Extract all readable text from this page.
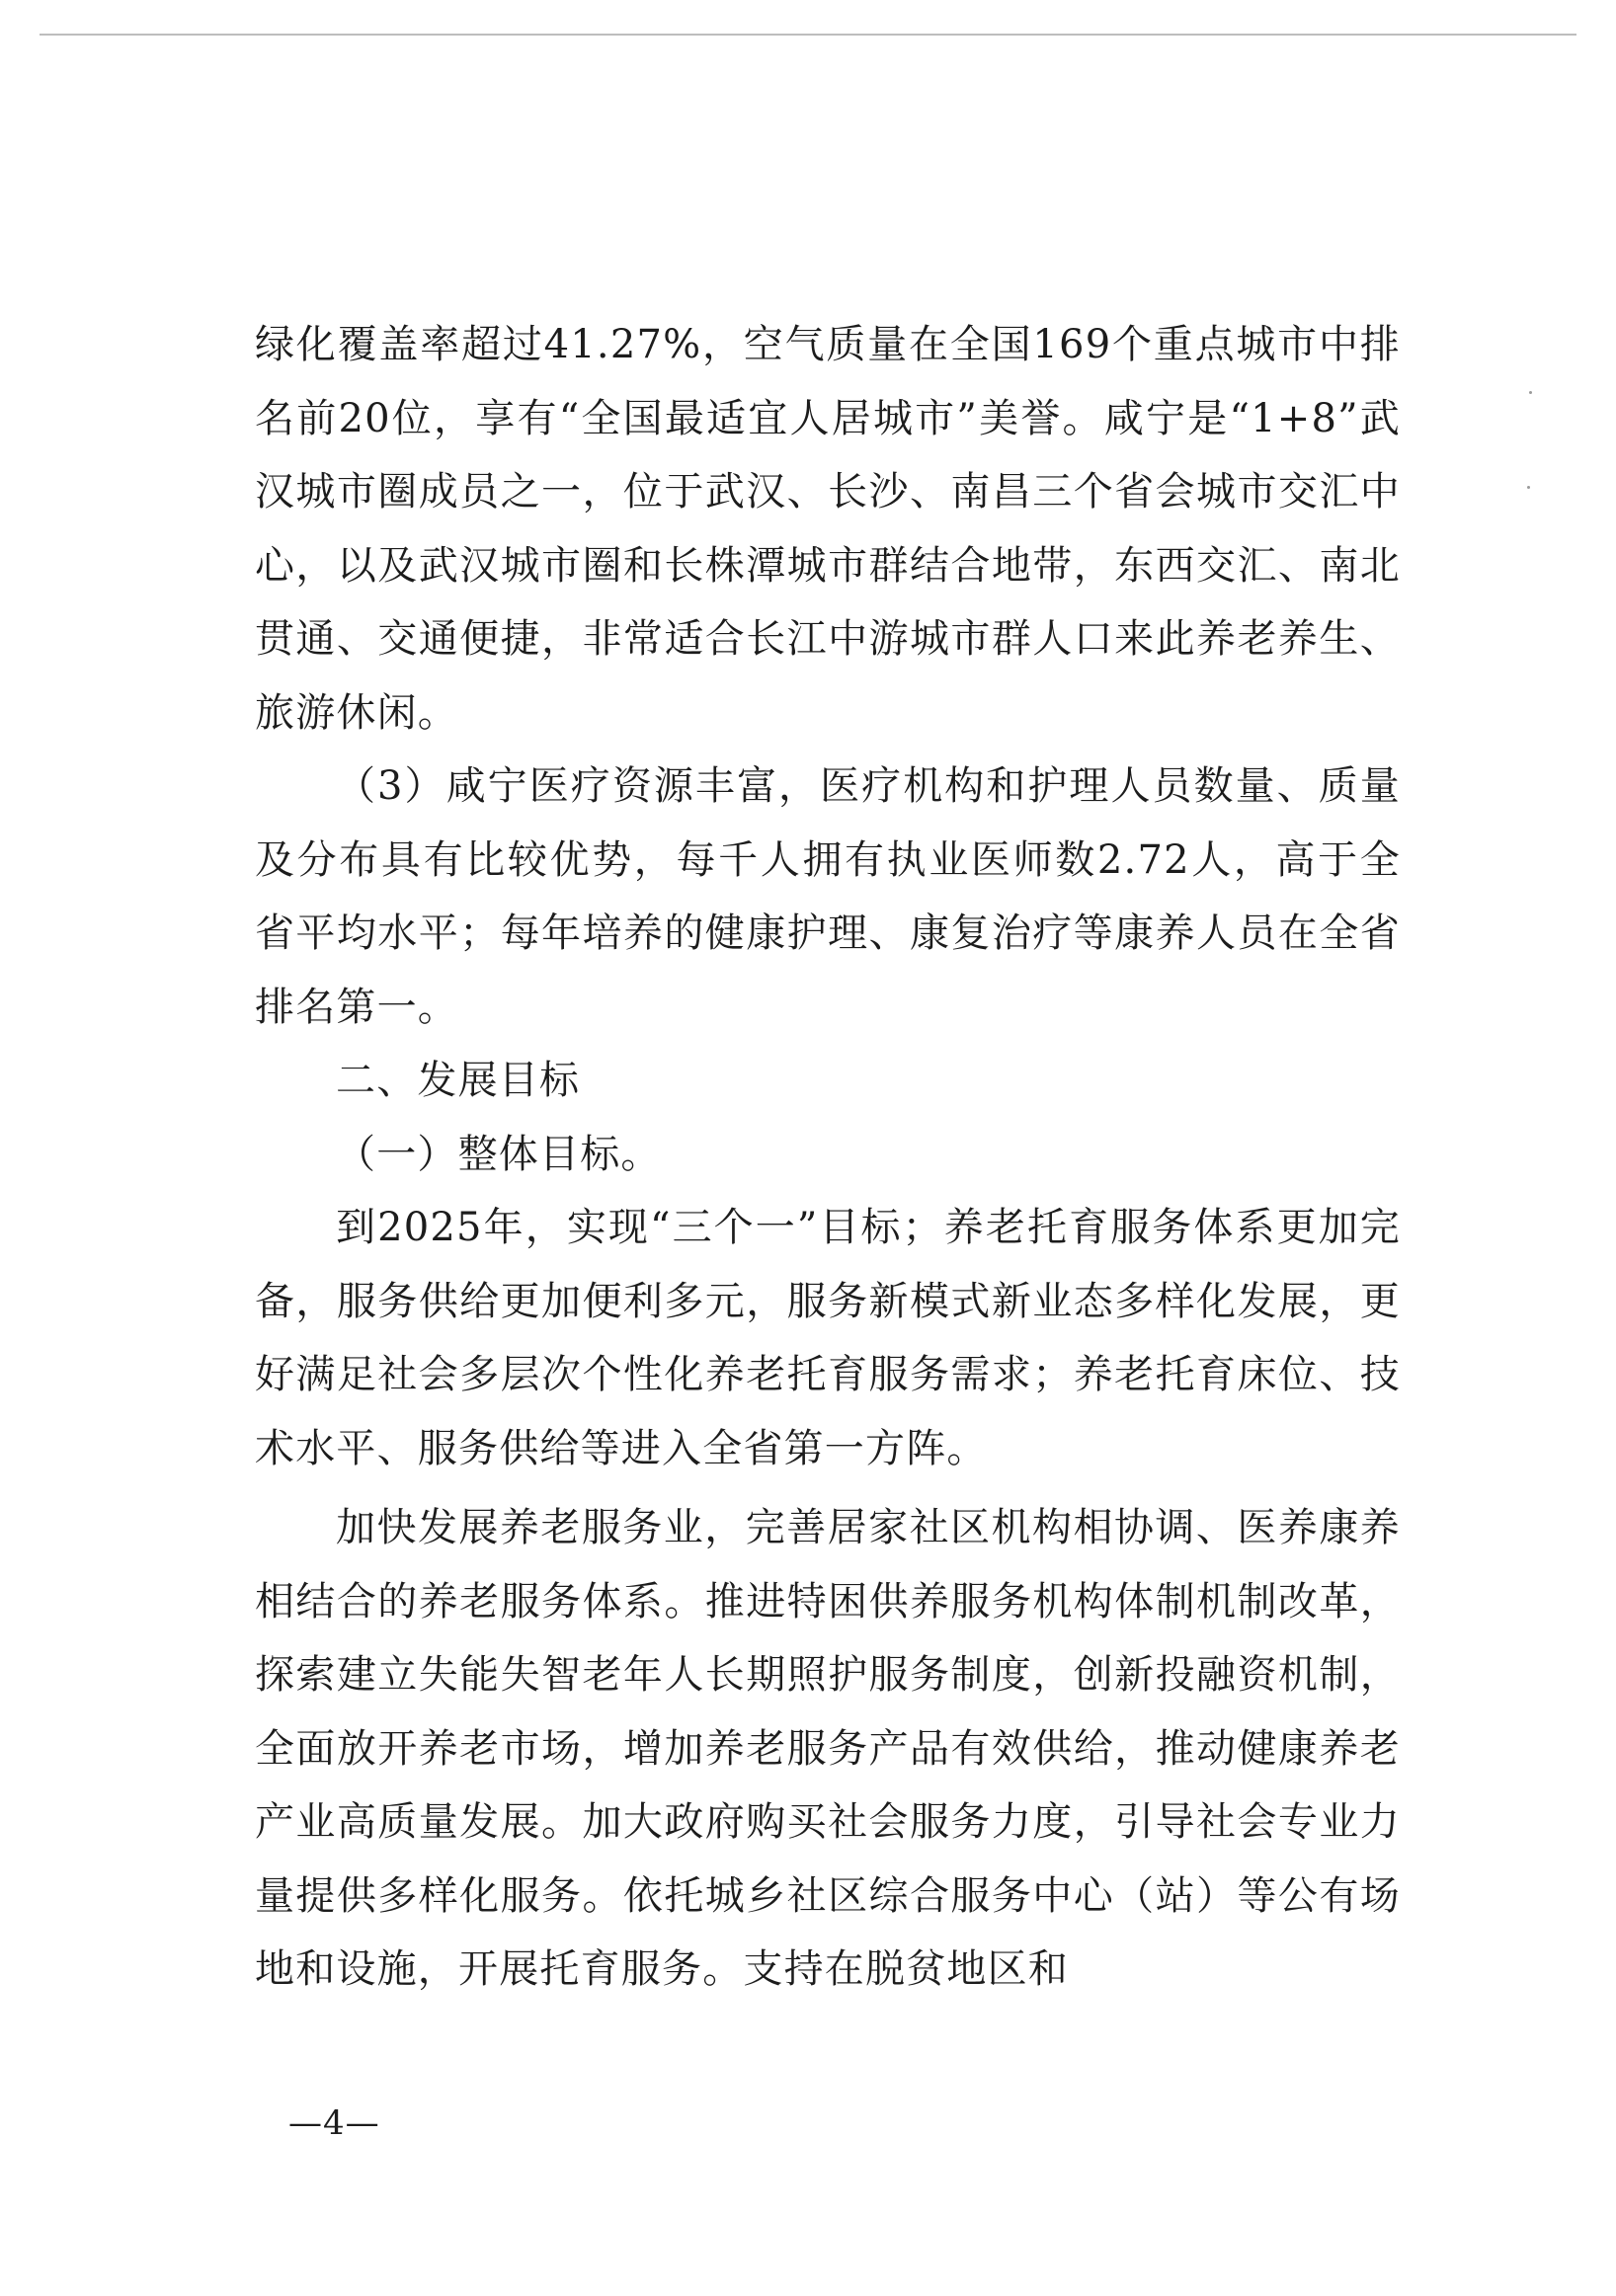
绿化覆盖率超过41.27%，空气质量在全国169个重点城市中排名前20位，享有“全国最适宜人居城市”美誉。咸宁是“1+8”武汉城市圈成员之一，位于武汉、长沙、南昌三个省会城市交汇中心，以及武汉城市圈和长株潭城市群结合地带，东西交汇、南北贯通、交通便捷，非常适合长江中游城市群人口来此养老养生、旅游休闲。

（3）咸宁医疗资源丰富，医疗机构和护理人员数量、质量及分布具有比较优势，每千人拥有执业医师数2.72人，高于全省平均水平；每年培养的健康护理、康复治疗等康养人员在全省排名第一。

二、发展目标

（一）整体目标。

到2025年，实现“三个一”目标；养老托育服务体系更加完备，服务供给更加便利多元，服务新模式新业态多样化发展，更好满足社会多层次个性化养老托育服务需求；养老托育床位、技术水平、服务供给等进入全省第一方阵。

加快发展养老服务业，完善居家社区机构相协调、医养康养相结合的养老服务体系。推进特困供养服务机构体制机制改革，探索建立失能失智老年人长期照护服务制度，创新投融资机制，全面放开养老市场，增加养老服务产品有效供给，推动健康养老产业高质量发展。加大政府购买社会服务力度，引导社会专业力量提供多样化服务。依托城乡社区综合服务中心（站）等公有场地和设施，开展托育服务。支持在脱贫地区和

—4—
